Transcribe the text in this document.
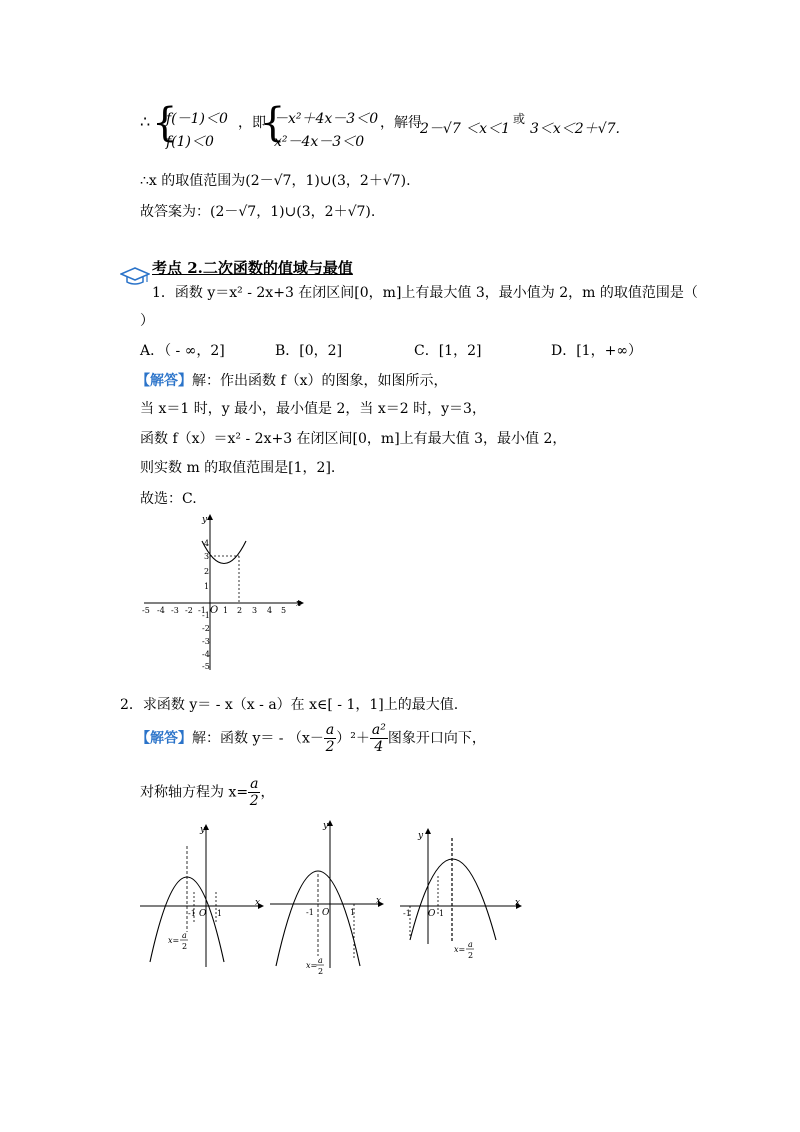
∴ {
f(－1)＜0
f(1)＜0
，即
{
－x²＋4x－3＜0
x²－4x－3＜0
，解得
2－√7 ＜x＜1
或
3＜x＜2＋√7.
∴x 的取值范围为(2－√7，1)∪(3，2＋√7).
故答案为：(2－√7，1)∪(3，2＋√7).
考点 2.二次函数的值域与最值
1．函数 y＝x² - 2x+3 在闭区间[0，m]上有最大值 3，最小值为 2，m 的取值范围是（
）
A．（ - ∞，2]	B．[0，2]	C．[1，2]	D．[1，+∞）
【解答】解：作出函数 f（x）的图象，如图所示，
当 x＝1 时，y 最小，最小值是 2，当 x＝2 时，y＝3，
函数 f（x）＝x² - 2x+3 在闭区间[0，m]上有最大值 3，最小值 2，
则实数 m 的取值范围是[1，2].
故选：C.
x
y
-5 -4 -3 -2 -1 O 1 2 3 4 5
4
3
2
1
-1
-2
-3
-4
-5
2．求函数 y＝ - x（x - a）在 x∈[ - 1，1]上的最大值.
【解答】解：函数 $y= - (x- \frac{a}{2} )^2+ \frac{\text{a²}}{4}$ 图象开口向下，
对称轴方程为 $x= \frac{a}{2}$ ，
x
y
-1 O 1
x=
a
2
x
y
-1 O	1
x=
a
2
x
y
-1 O 1
x=
a
2
